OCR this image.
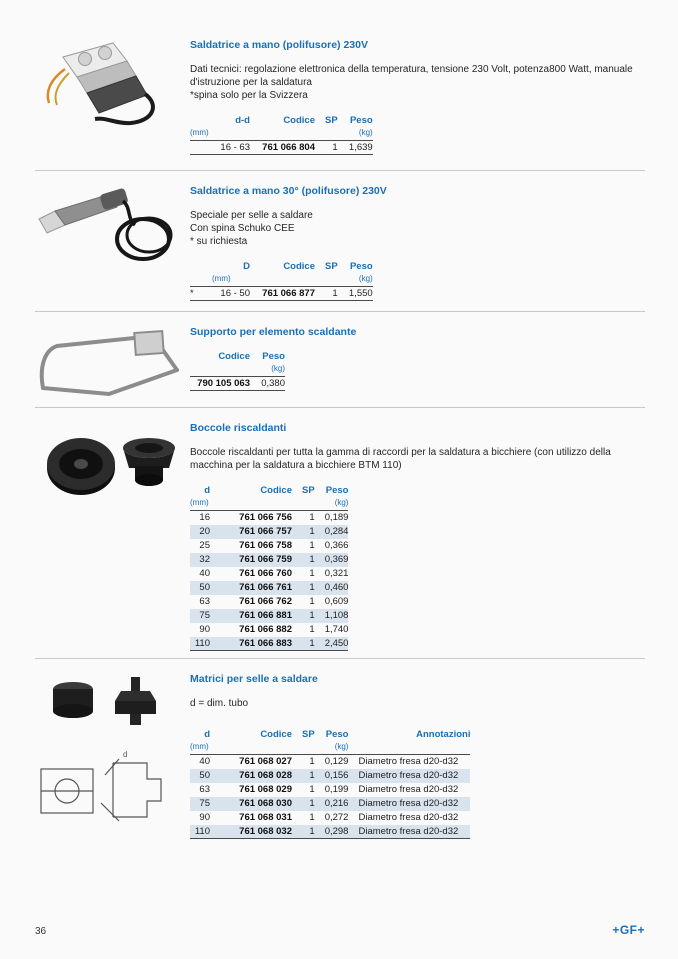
Saldatrice a mano (polifusore) 230V

Dati tecnici: regolazione elettronica della temperatura, tensione 230 Volt, potenza800 Watt, manuale d'istruzione per la saldatura

*spina solo per la Svizzera

d-d	Codice	SP	Peso
(mm)			(kg)
16 - 63	761 066 804	1	1,639
Saldatrice a mano 30° (polifusore) 230V

Speciale per selle a saldare

Con spina Schuko CEE

* su richiesta

	D	Codice	SP	Peso
	(mm)			(kg)
*	16 - 50	761 066 877	1	1,550
Supporto per elemento scaldante
Codice	Peso
	(kg)
790 105 063	0,380
Boccole riscaldanti

Boccole riscaldanti per tutta la gamma di raccordi per la saldatura a bicchiere (con utilizzo della macchina per la saldatura a bicchiere BTM 110)

d	Codice	SP	Peso
(mm)			(kg)
16	761 066 756	1	0,189
20	761 066 757	1	0,284
25	761 066 758	1	0,366
32	761 066 759	1	0,369
40	761 066 760	1	0,321
50	761 066 761	1	0,460
63	761 066 762	1	0,609
75	761 066 881	1	1,108
90	761 066 882	1	1,740
110	761 066 883	1	2,450
d
Matrici per selle a saldare

d = dim. tubo

d	Codice	SP	Peso	Annotazioni
(mm)			(kg)	
40	761 068 027	1	0,129	Diametro fresa d20-d32
50	761 068 028	1	0,156	Diametro fresa d20-d32
63	761 068 029	1	0,199	Diametro fresa d20-d32
75	761 068 030	1	0,216	Diametro fresa d20-d32
90	761 068 031	1	0,272	Diametro fresa d20-d32
110	761 068 032	1	0,298	Diametro fresa d20-d32
36	+GF+
